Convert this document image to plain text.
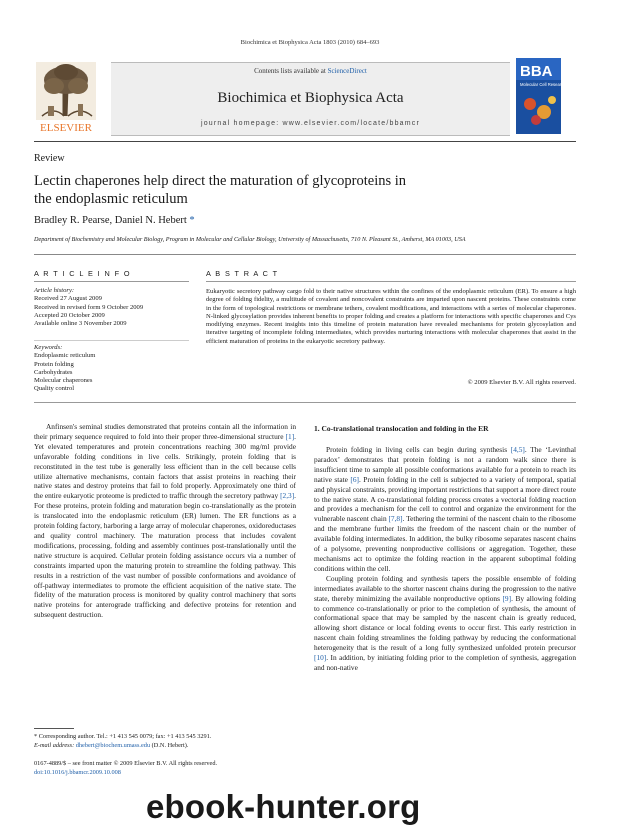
Biochimica et Biophysica Acta 1803 (2010) 684–693
ELSEVIER
Contents lists available at ScienceDirect
Biochimica et Biophysica Acta
journal homepage: www.elsevier.com/locate/bbamcr
BBA
Molecular Cell Research
Review
Lectin chaperones help direct the maturation of glycoproteins in
the endoplasmic reticulum
Bradley R. Pearse, Daniel N. Hebert *
Department of Biochemistry and Molecular Biology, Program in Molecular and Cellular Biology, University of Massachusetts, 710 N. Pleasant St., Amherst, MA 01003, USA
A R T I C L E I N F O	A B S T R A C T
Article history:
Received 27 August 2009
Received in revised form 9 October 2009
Accepted 20 October 2009
Available online 3 November 2009
Keywords:
Endoplasmic reticulum
Protein folding
Carbohydrates
Molecular chaperones
Quality control
Eukaryotic secretory pathway cargo fold to their native structures within the confines of the endoplasmic reticulum (ER). To ensure a high degree of folding fidelity, a multitude of covalent and noncovalent constraints are imparted upon nascent proteins. These constraints come in the form of topological restrictions or membrane tethers, covalent modifications, and interactions with a series of molecular chaperones. N-linked glycosylation provides inherent benefits to proper folding and creates a platform for interactions with specific chaperones and Cys modifying enzymes. Recent insights into this timeline of protein maturation have revealed mechanisms for protein glycosylation and iterative targeting of incomplete folding intermediates, which provides nurturing interactions with molecular chaperones that assist in the efficient maturation of proteins in the eukaryotic secretory pathway.
© 2009 Elsevier B.V. All rights reserved.

Anfinsen's seminal studies demonstrated that proteins contain all the information in their primary sequence required to fold into their proper three-dimensional structure [1]. Yet elevated temperatures and protein concentrations reaching 300 mg/ml provide unfavorable folding conditions in live cells. Strikingly, protein folding that is reconstituted in the test tube is generally less efficient than in the cell because cells utilize alternative mechanisms, contain factors that assist proteins in reaching their native states and destroy proteins that fail to fold properly. Approximately one third of the entire eukaryotic proteome is predicted to traffic through the secretory pathway [2,3]. For these proteins, protein folding and maturation begin co-translationally as the protein is translocated into the endoplasmic reticulum (ER) lumen. The ER functions as a protein folding factory, harboring a large array of molecular chaperones, oxidoreductases and quality control machinery. The maturation process that includes covalent modifications, processing, folding and assembly continues post-translationally until the native structure is acquired. Cellular protein folding assistance occurs via a number of constraints imparted upon the maturing protein to streamline the folding pathway. This results in a restriction of the vast number of possible conformations and avoidance of off-pathway intermediates to promote the efficient acquisition of the native state. The fidelity of the maturation process is monitored by quality control machinery that sorts native proteins for anterograde trafficking and defective proteins for retention and subsequent destruction.

1. Co-translational translocation and folding in the ER

Protein folding in living cells can begin during synthesis [4,5]. The ‘Levinthal paradox’ demonstrates that protein folding is not a random walk since there is insufficient time to sample all possible conformations available for a protein to reach its native state [6]. Protein folding in the cell is subjected to a variety of temporal, spatial and physical constraints, providing important restrictions that support a more direct route to the native state. A co-translational folding process creates a vectorial folding reaction and provides a mechanism for the cell to control and organize the environment for the vulnerable nascent chain [7,8]. Tethering the termini of the nascent chain to the ribosome and the membrane further limits the freedom of the nascent chain or the number of available folding intermediates. In addition, the bulky ribosome separates nascent chains of a polysome, preventing nonproductive collisions or aggregation. Together, these mechanisms act to optimize the folding reaction in the apparent suboptimal folding conditions within the cell.

Coupling protein folding and synthesis tapers the possible ensemble of folding intermediates available to the shorter nascent chains during the progression to the native state, thereby minimizing the available nonproductive options [9]. By allowing folding to commence co-translationally or prior to the completion of synthesis, the amount of conformational space that may be sampled by the nascent chain is greatly reduced, allowing short distance or local folding events to occur first. This early restriction in nascent chain folding streamlines the folding pathway by reducing the conformational heterogeneity that is the result of a long fully synthesized unfolded protein precursor [10]. In addition, by initiating folding prior to the completion of synthesis, aggregation and non-native

* Corresponding author. Tel.: +1 413 545 0079; fax: +1 413 545 3291.
E-mail address: dhebert@biochem.umass.edu (D.N. Hebert).
0167-4889/$ – see front matter © 2009 Elsevier B.V. All rights reserved.
doi:10.1016/j.bbamcr.2009.10.008
ebook-hunter.org
